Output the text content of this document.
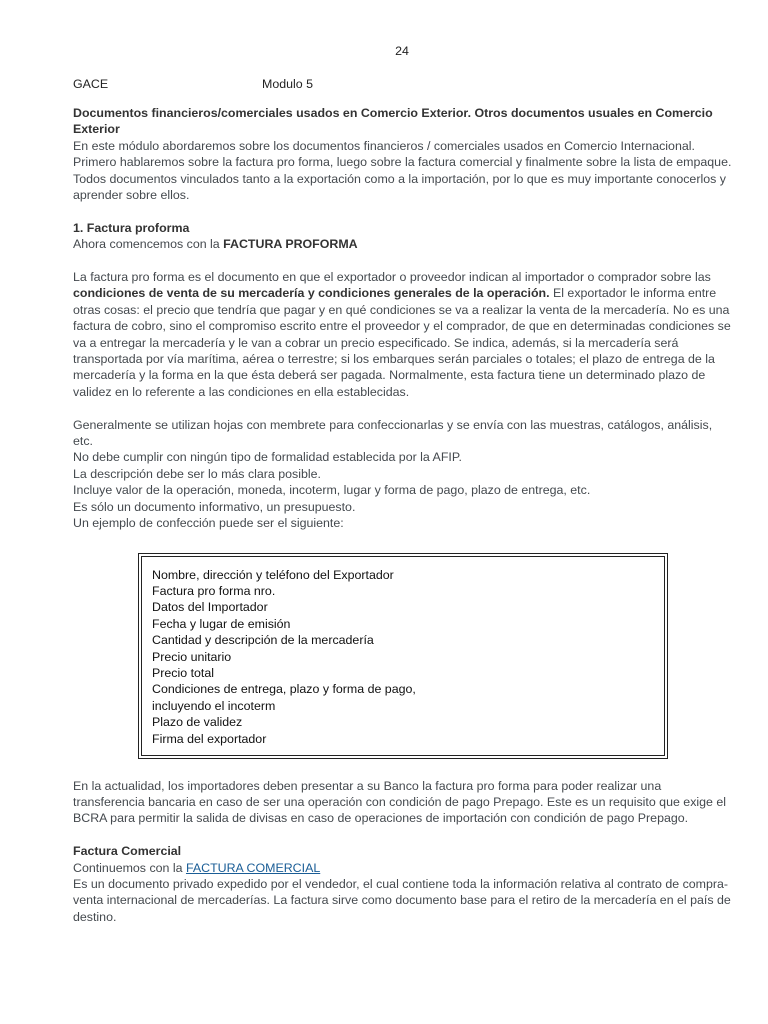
24
GACE	Modulo 5

Documentos financieros/comerciales usados en Comercio Exterior. Otros documentos usuales en Comercio Exterior

En este módulo abordaremos sobre los documentos financieros / comerciales usados en Comercio Internacional. Primero hablaremos sobre la factura pro forma, luego sobre la factura comercial y finalmente sobre la lista de empaque. Todos documentos vinculados tanto a la exportación como a la importación, por lo que es muy importante conocerlos y aprender sobre ellos.

1. Factura proforma

Ahora comencemos con la FACTURA PROFORMA

La factura pro forma es el documento en que el exportador o proveedor indican al importador o comprador sobre las condiciones de venta de su mercadería y condiciones generales de la operación. El exportador le informa entre otras cosas: el precio que tendría que pagar y en qué condiciones se va a realizar la venta de la mercadería. No es una factura de cobro, sino el compromiso escrito entre el proveedor y el comprador, de que en determinadas condiciones se va a entregar la mercadería y le van a cobrar un precio especificado. Se indica, además, si la mercadería será transportada por vía marítima, aérea o terrestre; si los embarques serán parciales o totales; el plazo de entrega de la mercadería y la forma en la que ésta deberá ser pagada. Normalmente, esta factura tiene un determinado plazo de validez en lo referente a las condiciones en ella establecidas.

Generalmente se utilizan hojas con membrete para confeccionarlas y se envía con las muestras, catálogos, análisis, etc.

No debe cumplir con ningún tipo de formalidad establecida por la AFIP.

La descripción debe ser lo más clara posible.

Incluye valor de la operación, moneda, incoterm, lugar y forma de pago, plazo de entrega, etc.

Es sólo un documento informativo, un presupuesto.

Un ejemplo de confección puede ser el siguiente:

Nombre, dirección y teléfono del Exportador

Factura pro forma nro.

Datos del Importador

Fecha y lugar de emisión

Cantidad y descripción de la mercadería

Precio unitario

Precio total

Condiciones de entrega, plazo y forma de pago,

incluyendo el incoterm

Plazo de validez

Firma del exportador

En la actualidad, los importadores deben presentar a su Banco la factura pro forma para poder realizar una transferencia bancaria en caso de ser una operación con condición de pago Prepago. Este es un requisito que exige el BCRA para permitir la salida de divisas en caso de operaciones de importación con condición de pago Prepago.

Factura Comercial

Continuemos con la FACTURA COMERCIAL

Es un documento privado expedido por el vendedor, el cual contiene toda la información relativa al contrato de compra-venta internacional de mercaderías. La factura sirve como documento base para el retiro de la mercadería en el país de destino.
